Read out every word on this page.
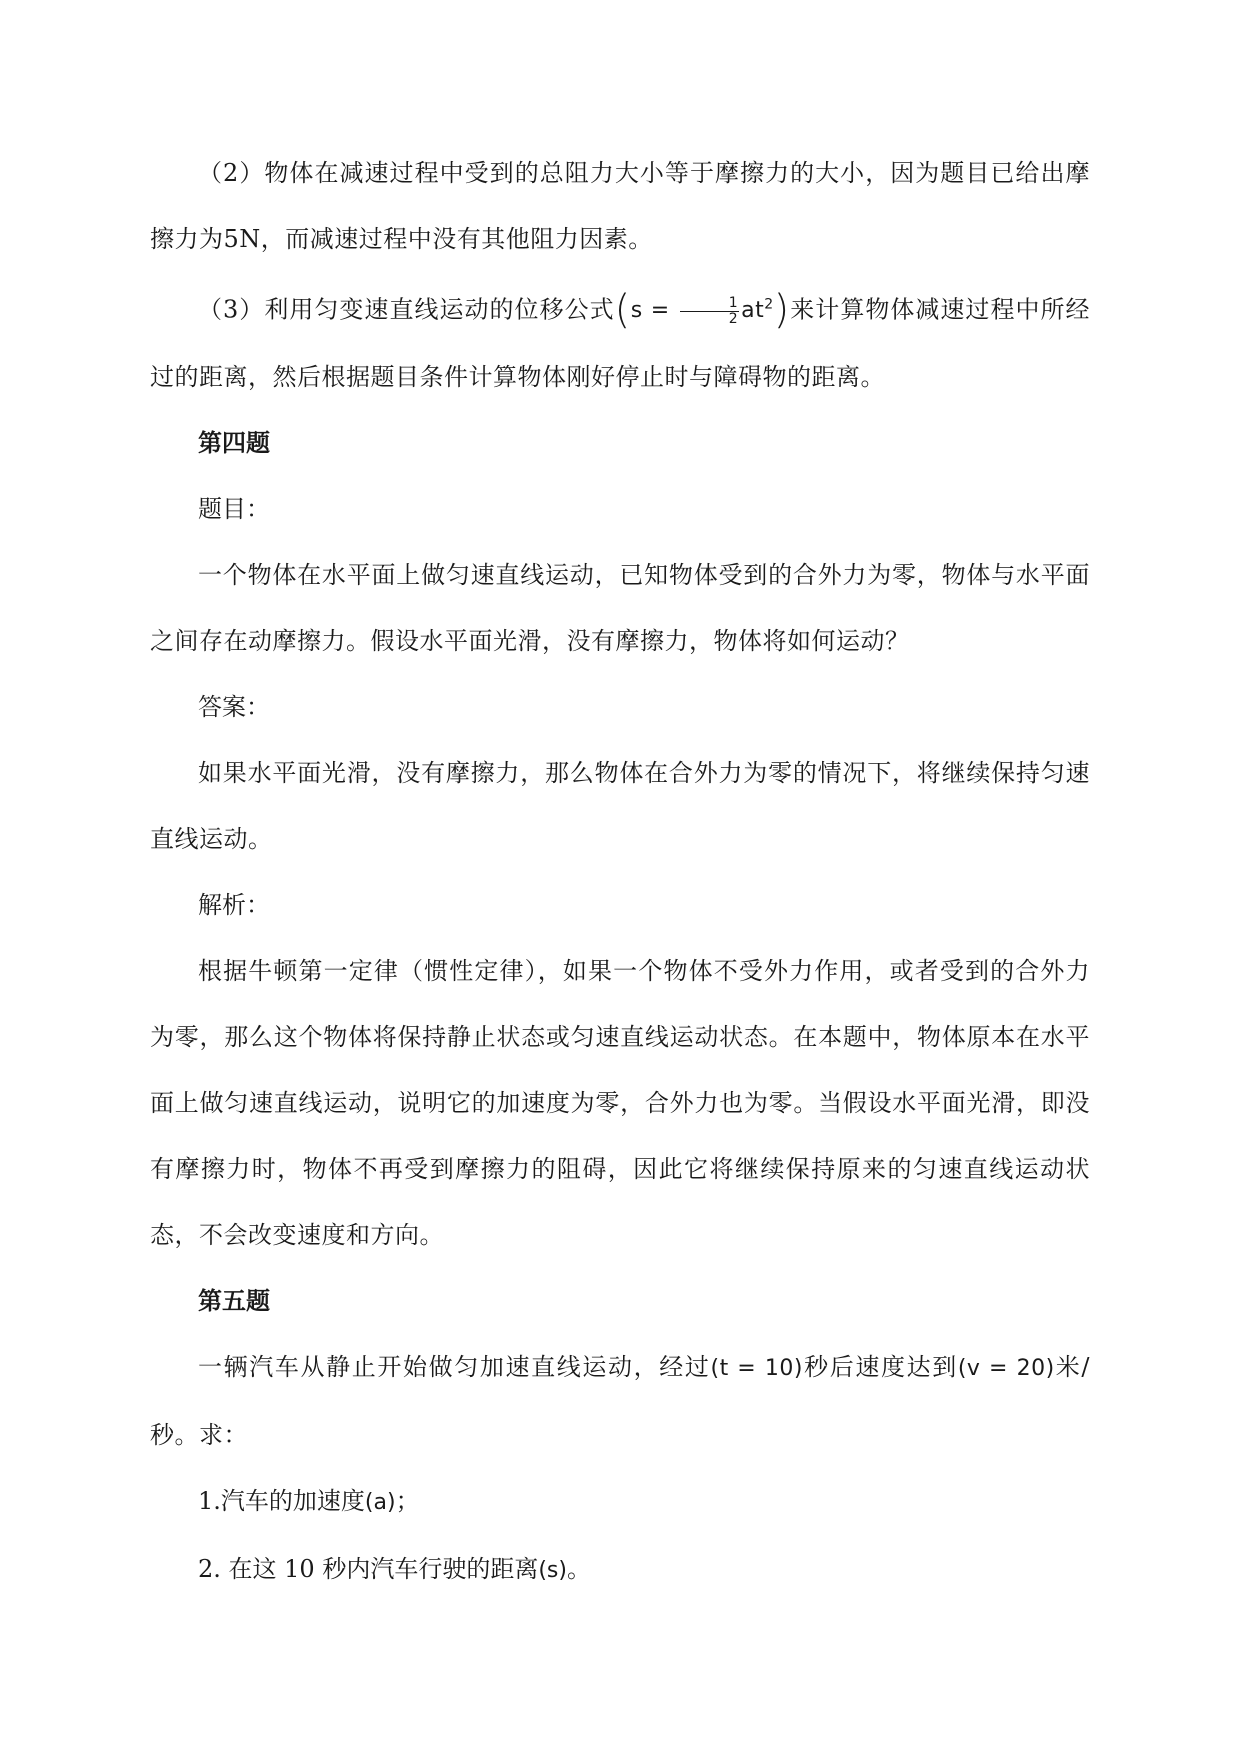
（2）物体在减速过程中受到的总阻力大小等于摩擦力的大小，因为题目已给出摩擦力为5N，而减速过程中没有其他阻力因素。

（3）利用匀变速直线运动的位移公式$(s = \frac{1}{2} at^2)$来计算物体减速过程中所经过的距离，然后根据题目条件计算物体刚好停止时与障碍物的距离。

第四题

题目：

一个物体在水平面上做匀速直线运动，已知物体受到的合外力为零，物体与水平面之间存在动摩擦力。假设水平面光滑，没有摩擦力，物体将如何运动？

答案：

如果水平面光滑，没有摩擦力，那么物体在合外力为零的情况下，将继续保持匀速直线运动。

解析：

根据牛顿第一定律（惯性定律），如果一个物体不受外力作用，或者受到的合外力为零，那么这个物体将保持静止状态或匀速直线运动状态。在本题中，物体原本在水平面上做匀速直线运动，说明它的加速度为零，合外力也为零。当假设水平面光滑，即没有摩擦力时，物体不再受到摩擦力的阻碍，因此它将继续保持原来的匀速直线运动状态，不会改变速度和方向。

第五题

一辆汽车从静止开始做匀加速直线运动，经过(t = 10)秒后速度达到(v = 20)米/秒。求：

1.汽车的加速度(a)；

2. 在这 10 秒内汽车行驶的距离(s)。
